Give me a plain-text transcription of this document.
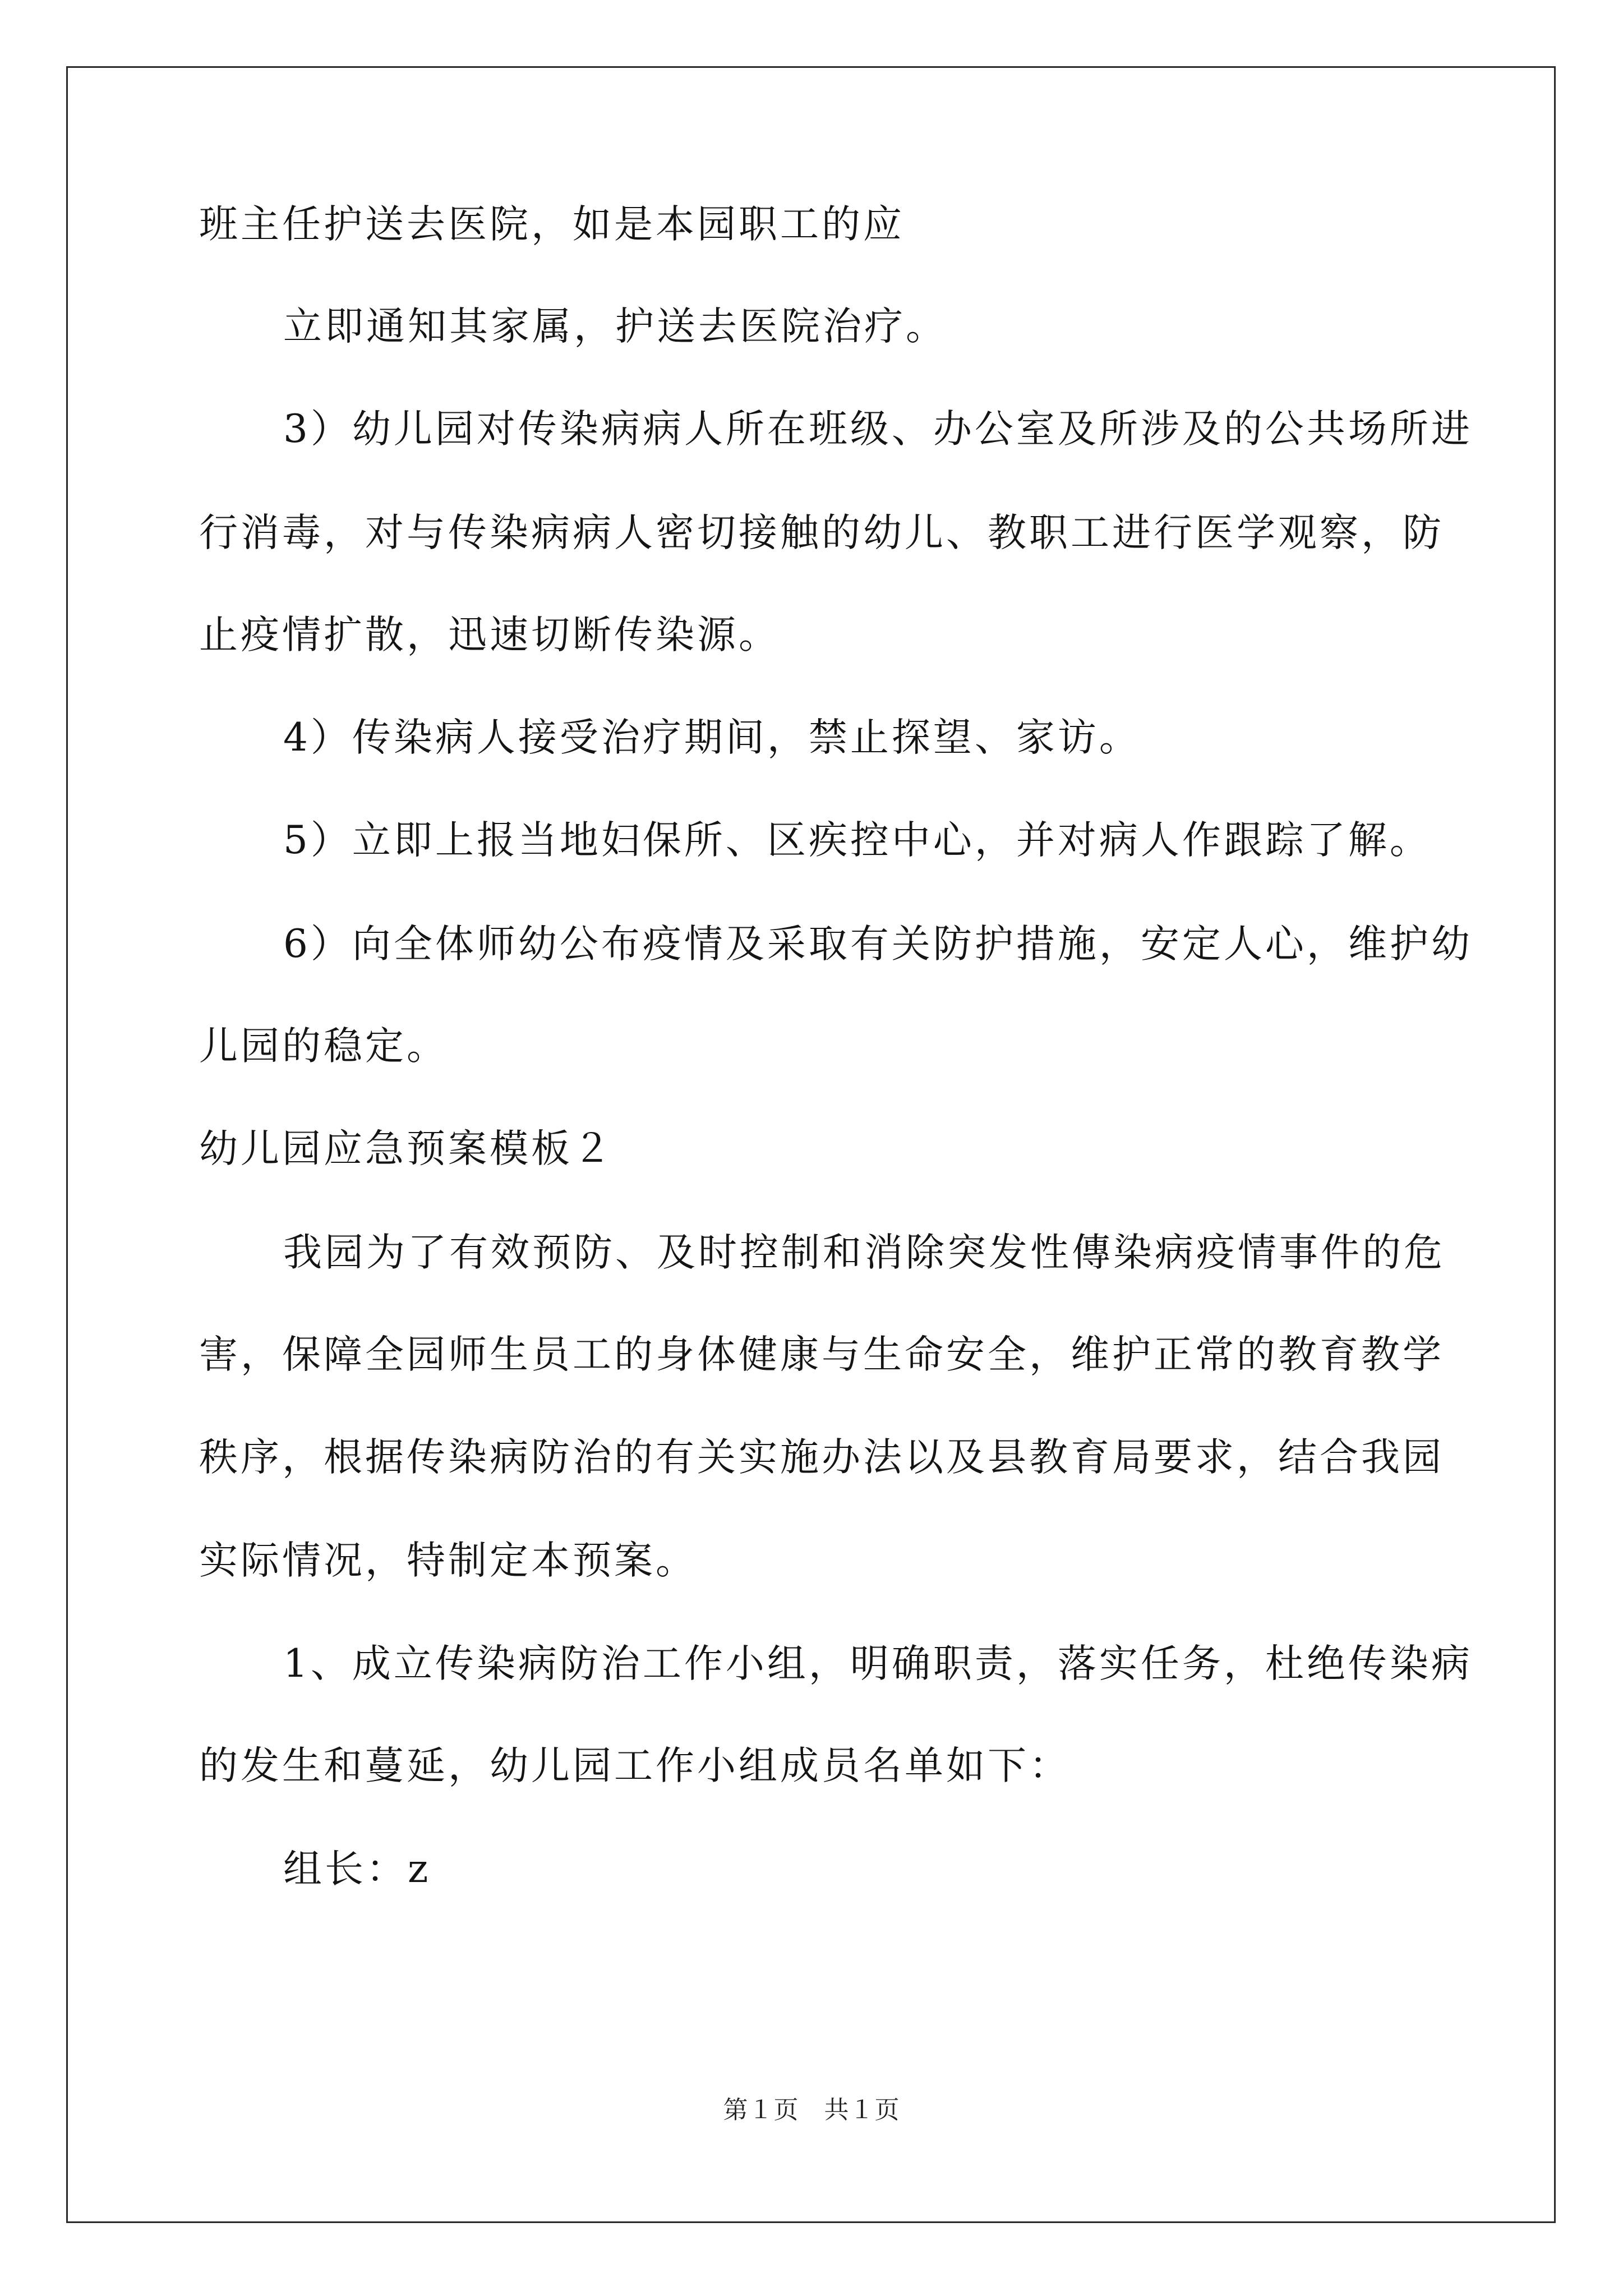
班主任护送去医院，如是本园职工的应
立即通知其家属，护送去医院治疗。
3）幼儿园对传染病病人所在班级、办公室及所涉及的公共场所进
行消毒，对与传染病病人密切接触的幼儿、教职工进行医学观察，防
止疫情扩散，迅速切断传染源。
4）传染病人接受治疗期间，禁止探望、家访。
5）立即上报当地妇保所、区疾控中心，并对病人作跟踪了解。
6）向全体师幼公布疫情及采取有关防护措施，安定人心，维护幼
儿园的稳定。
幼儿园应急预案模板２
我园为了有效预防、及时控制和消除突发性傳染病疫情事件的危
害，保障全园师生员工的身体健康与生命安全，维护正常的教育教学
秩序，根据传染病防治的有关实施办法以及县教育局要求，结合我园
实际情况，特制定本预案。
1、成立传染病防治工作小组，明确职责，落实任务，杜绝传染病
的发生和蔓延，幼儿园工作小组成员名单如下：
组长：z
第１页　共１页
